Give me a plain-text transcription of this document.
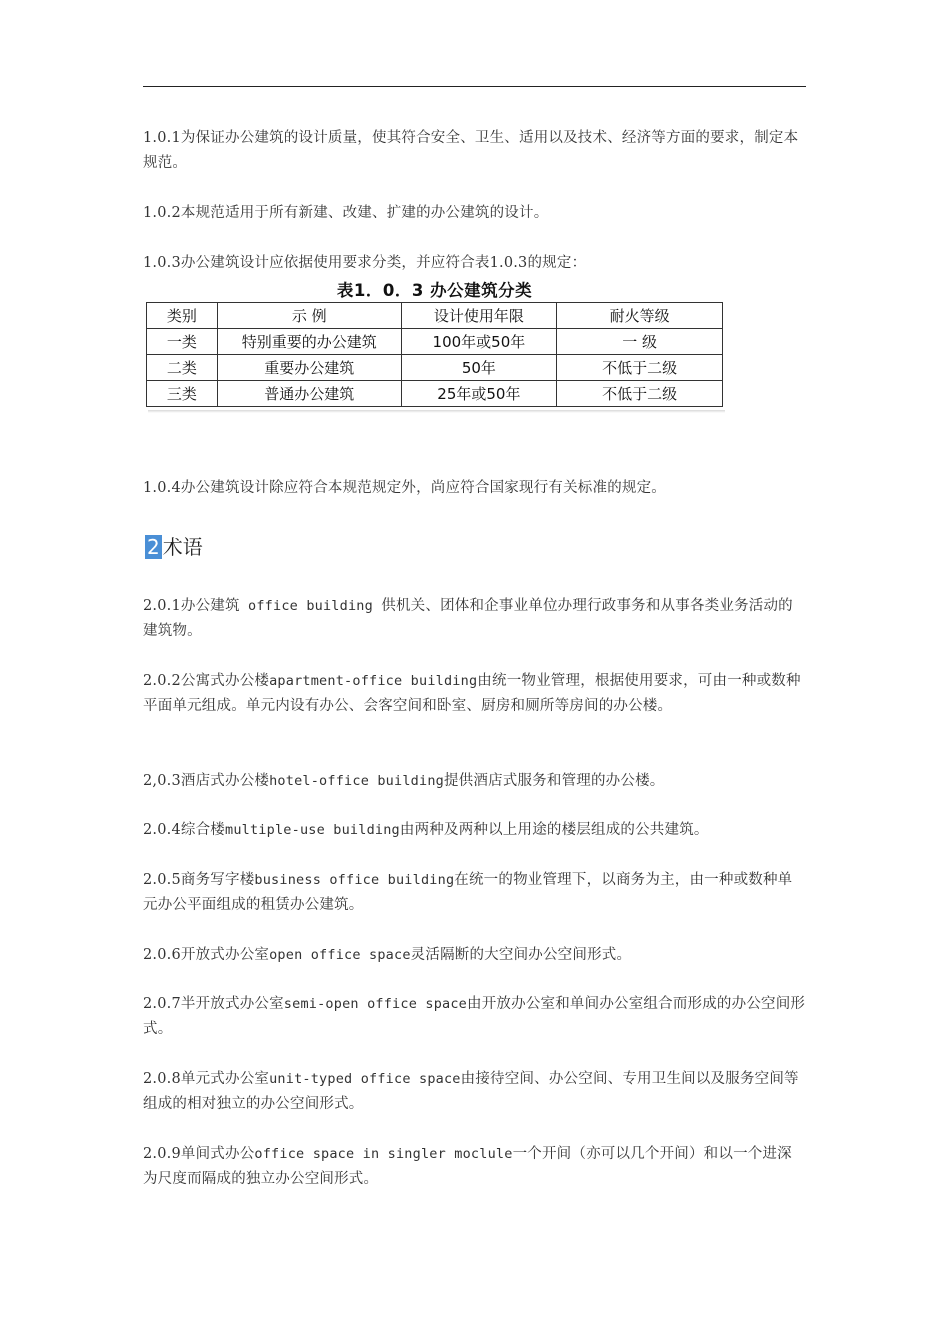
1.0.1为保证办公建筑的设计质量，使其符合安全、卫生、适用以及技术、经济等方面的要求，制定本规范。

1.0.2本规范适用于所有新建、改建、扩建的办公建筑的设计。

1.0.3办公建筑设计应依据使用要求分类，并应符合表1.0.3的规定：

表1．0．3 办公建筑分类
类别	示 例	设计使用年限	耐火等级
一类	特别重要的办公建筑	100年或50年	一 级
二类	重要办公建筑	50年	不低于二级
三类	普通办公建筑	25年或50年	不低于二级

1.0.4办公建筑设计除应符合本规范规定外，尚应符合国家现行有关标准的规定。

2 术语

2.0.1办公建筑 office building 供机关、团体和企事业单位办理行政事务和从事各类业务活动的建筑物。

2.0.2公寓式办公楼apartment-office building由统一物业管理，根据使用要求，可由一种或数种平面单元组成。单元内设有办公、会客空间和卧室、厨房和厕所等房间的办公楼。

2,0.3酒店式办公楼hotel-office building提供酒店式服务和管理的办公楼。

2.0.4综合楼multiple-use building由两种及两种以上用途的楼层组成的公共建筑。

2.0.5商务写字楼business office building在统一的物业管理下，以商务为主，由一种或数种单元办公平面组成的租赁办公建筑。

2.0.6开放式办公室open office space灵活隔断的大空间办公空间形式。

2.0.7半开放式办公室semi-open office space由开放办公室和单间办公室组合而形成的办公空间形式。

2.0.8单元式办公室unit-typed office space由接待空间、办公空间、专用卫生间以及服务空间等组成的相对独立的办公空间形式。

2.0.9单间式办公office space in singler moclule一个开间（亦可以几个开间）和以一个进深为尺度而隔成的独立办公空间形式。
